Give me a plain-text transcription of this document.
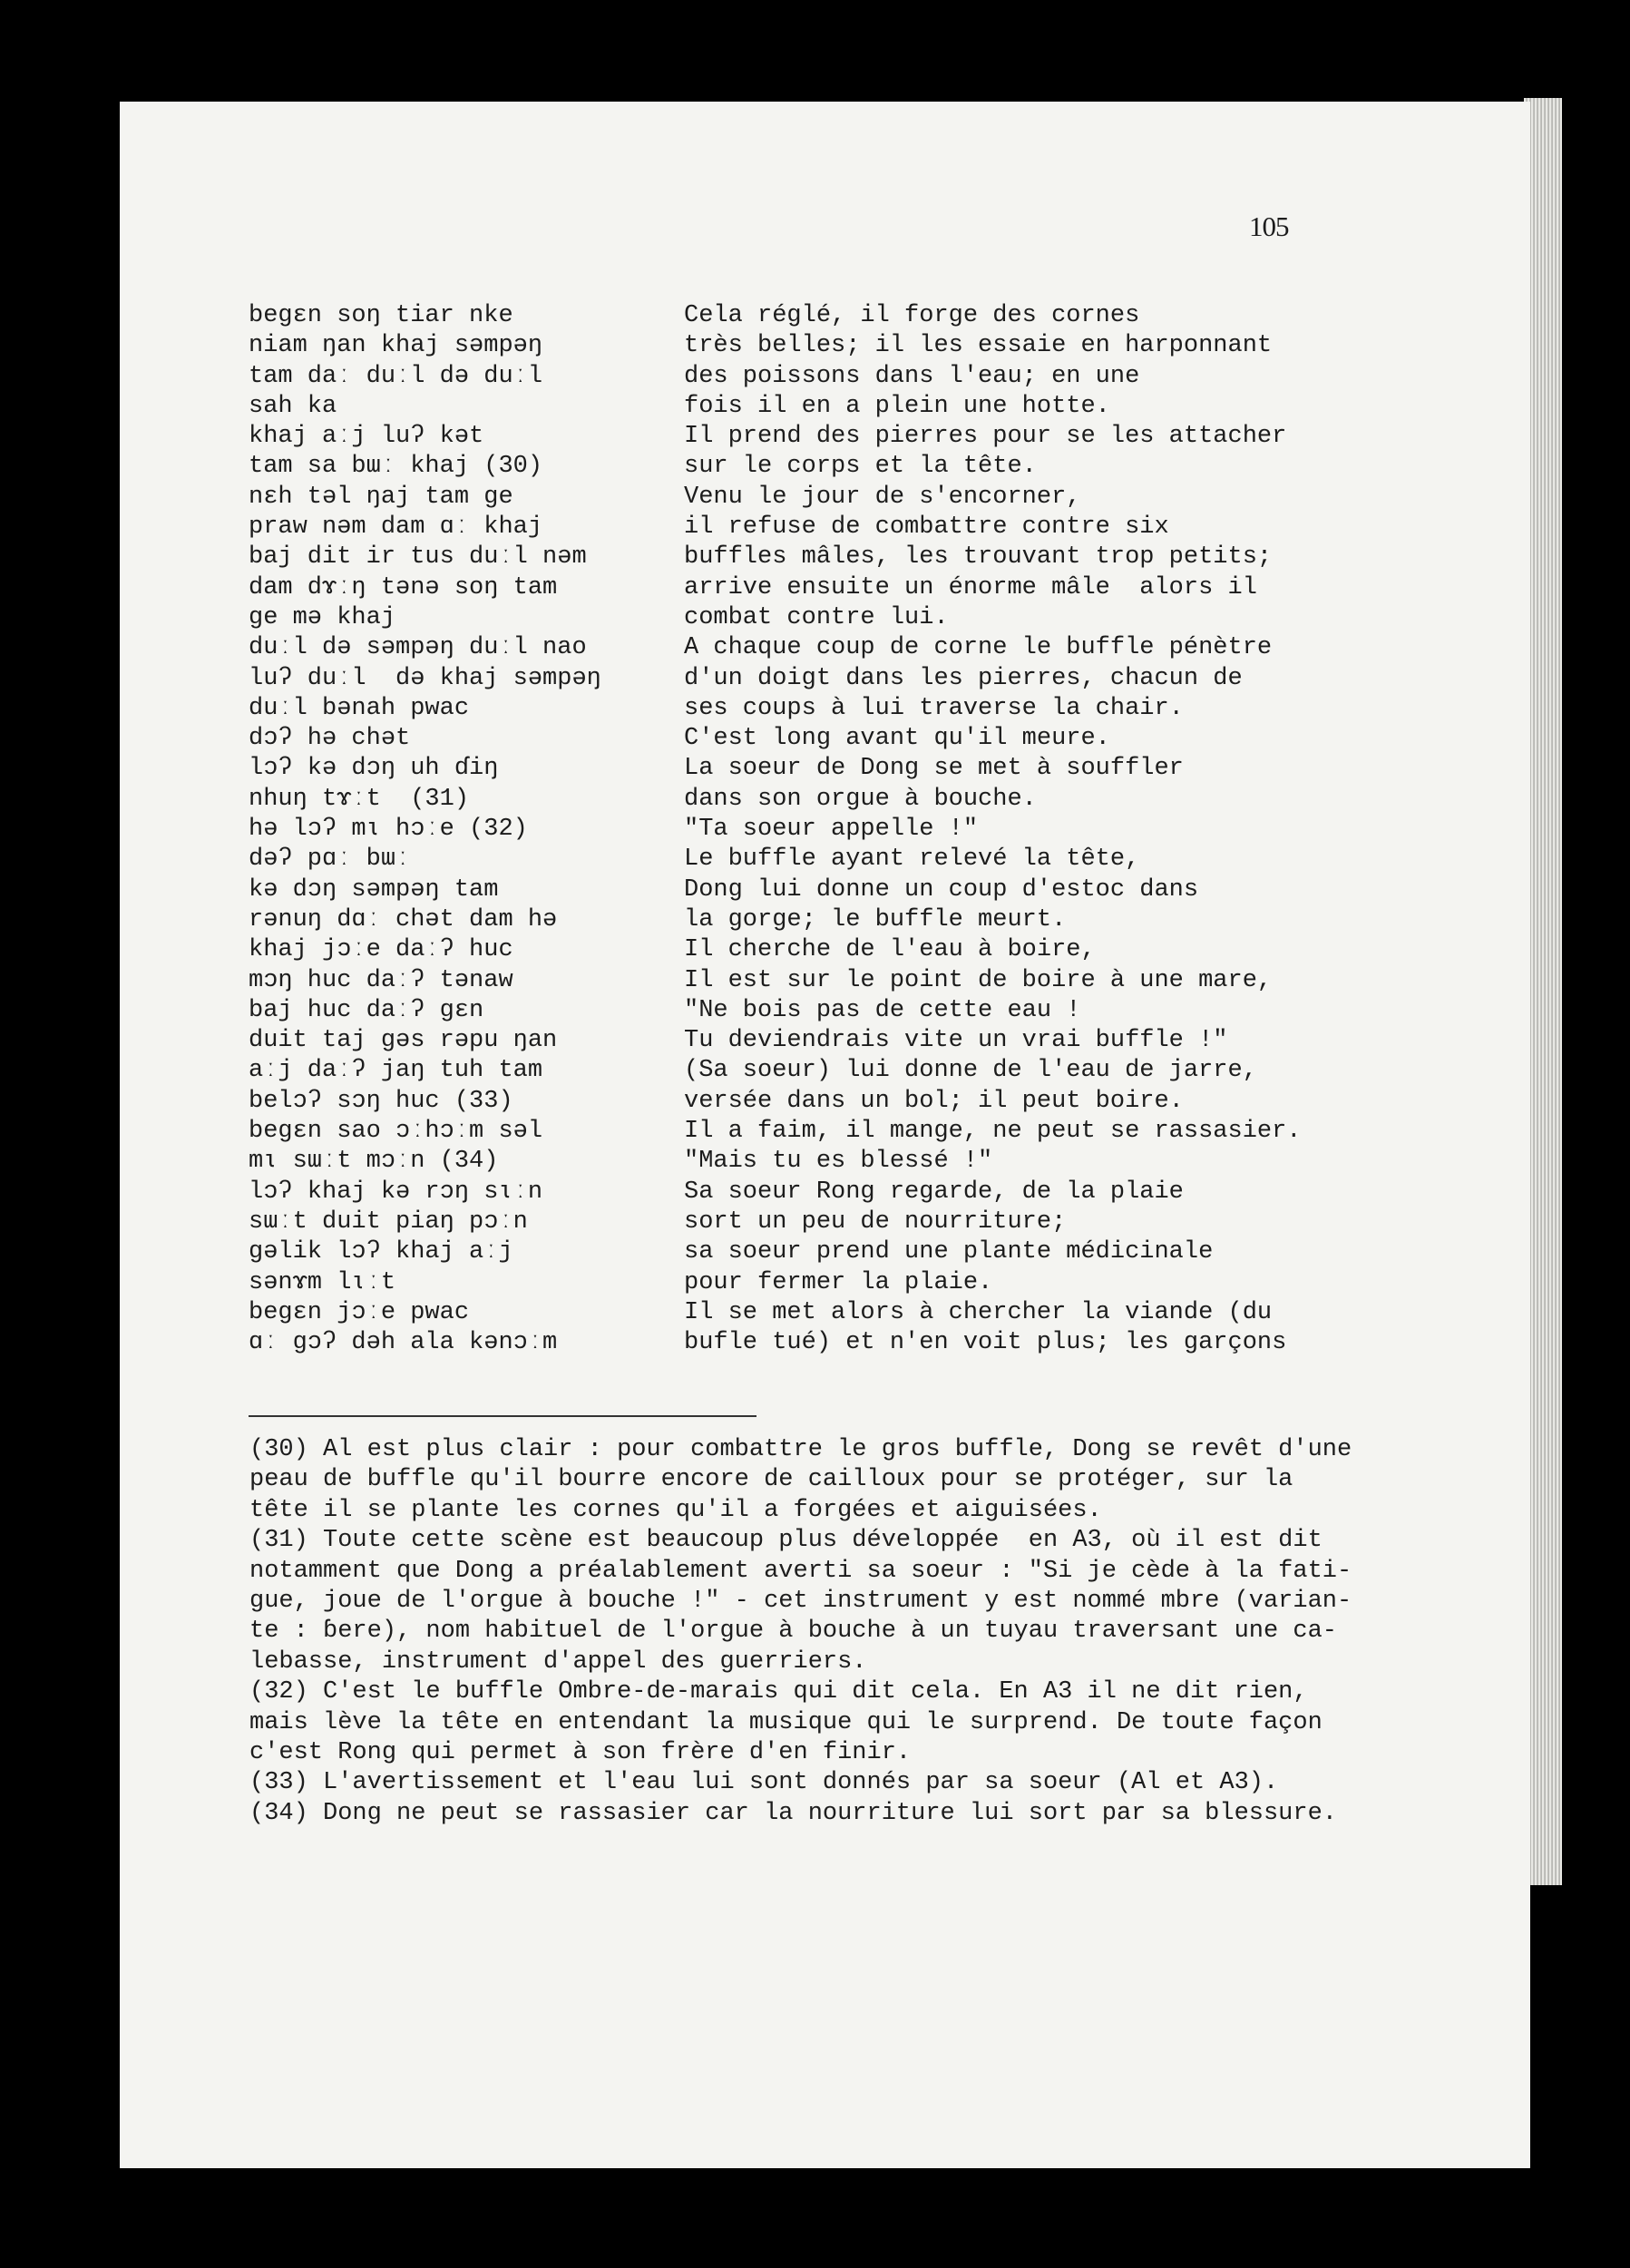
105
begɛn soŋ tiar nke	Cela réglé, il forge des cornes
niam ŋan khaj səmpəŋ	très belles; il les essaie en harponnant
tam daː duːl də duːl	des poissons dans l'eau; en une
sah ka	fois il en a plein une hotte.
khaj aːj luʔ kət	Il prend des pierres pour se les attacher
tam sa bɯː khaj (30)	sur le corps et la tête.
nɛh təl ŋaj tam ɡe	Venu le jour de s'encorner,
praw nəm dam ɑː khaj	il refuse de combattre contre six
baj dit ir tus duːl nəm	buffles mâles, les trouvant trop petits;
dam dɤːŋ tənə soŋ tam	arrive ensuite un énorme mâle  alors il
ɡe mə khaj	combat contre lui.
duːl də səmpəŋ duːl nao	A chaque coup de corne le buffle pénètre
luʔ duːl  də khaj səmpəŋ	d'un doigt dans les pierres, chacun de
duːl bənah pwac	ses coups à lui traverse la chair.
dɔʔ hə chət	C'est long avant qu'il meure.
lɔʔ kə dɔŋ uh ɗiŋ	La soeur de Dong se met à souffler
nhuŋ tɤːt  (31)	dans son orgue à bouche.
hə lɔʔ mɩ hɔːe (32)	"Ta soeur appelle !"
dəʔ pɑː bɯː	Le buffle ayant relevé la tête,
kə dɔŋ səmpəŋ tam	Dong lui donne un coup d'estoc dans
rənuŋ dɑː chət dam hə	la gorge; le buffle meurt.
khaj jɔːe daːʔ huc	Il cherche de l'eau à boire,
mɔŋ huc daːʔ tənaw	Il est sur le point de boire à une mare,
baj huc daːʔ ɡɛn	"Ne bois pas de cette eau !
duit taj ɡəs rəpu ŋan	Tu deviendrais vite un vrai buffle !"
aːj daːʔ jaŋ tuh tam	(Sa soeur) lui donne de l'eau de jarre,
belɔʔ sɔŋ huc (33)	versée dans un bol; il peut boire.
begɛn sao ɔːhɔːm səl	Il a faim, il mange, ne peut se rassasier.
mɩ sɯːt mɔːn (34)	"Mais tu es blessé !"
lɔʔ khaj kə rɔŋ sɩːn	Sa soeur Rong regarde, de la plaie
sɯːt duit piaŋ pɔːn	sort un peu de nourriture;
ɡəlik lɔʔ khaj aːj	sa soeur prend une plante médicinale
sənɤm lɩːt	pour fermer la plaie.
begɛn jɔːe pwac	Il se met alors à chercher la viande (du
ɑː ɡɔʔ dəh ala kənɔːm	bufle tué) et n'en voit plus; les garçons
(30) Al est plus clair : pour combattre le gros buffle, Dong se revêt d'une
peau de buffle qu'il bourre encore de cailloux pour se protéger, sur la
tête il se plante les cornes qu'il a forgées et aiguisées.
(31) Toute cette scène est beaucoup plus développée  en A3, où il est dit
notamment que Dong a préalablement averti sa soeur : "Si je cède à la fati-
gue, joue de l'orgue à bouche !" - cet instrument y est nommé mbre (varian-
te : ɓere), nom habituel de l'orgue à bouche à un tuyau traversant une ca-
lebasse, instrument d'appel des guerriers.
(32) C'est le buffle Ombre-de-marais qui dit cela. En A3 il ne dit rien,
mais lève la tête en entendant la musique qui le surprend. De toute façon
c'est Rong qui permet à son frère d'en finir.
(33) L'avertissement et l'eau lui sont donnés par sa soeur (Al et A3).
(34) Dong ne peut se rassasier car la nourriture lui sort par sa blessure.
